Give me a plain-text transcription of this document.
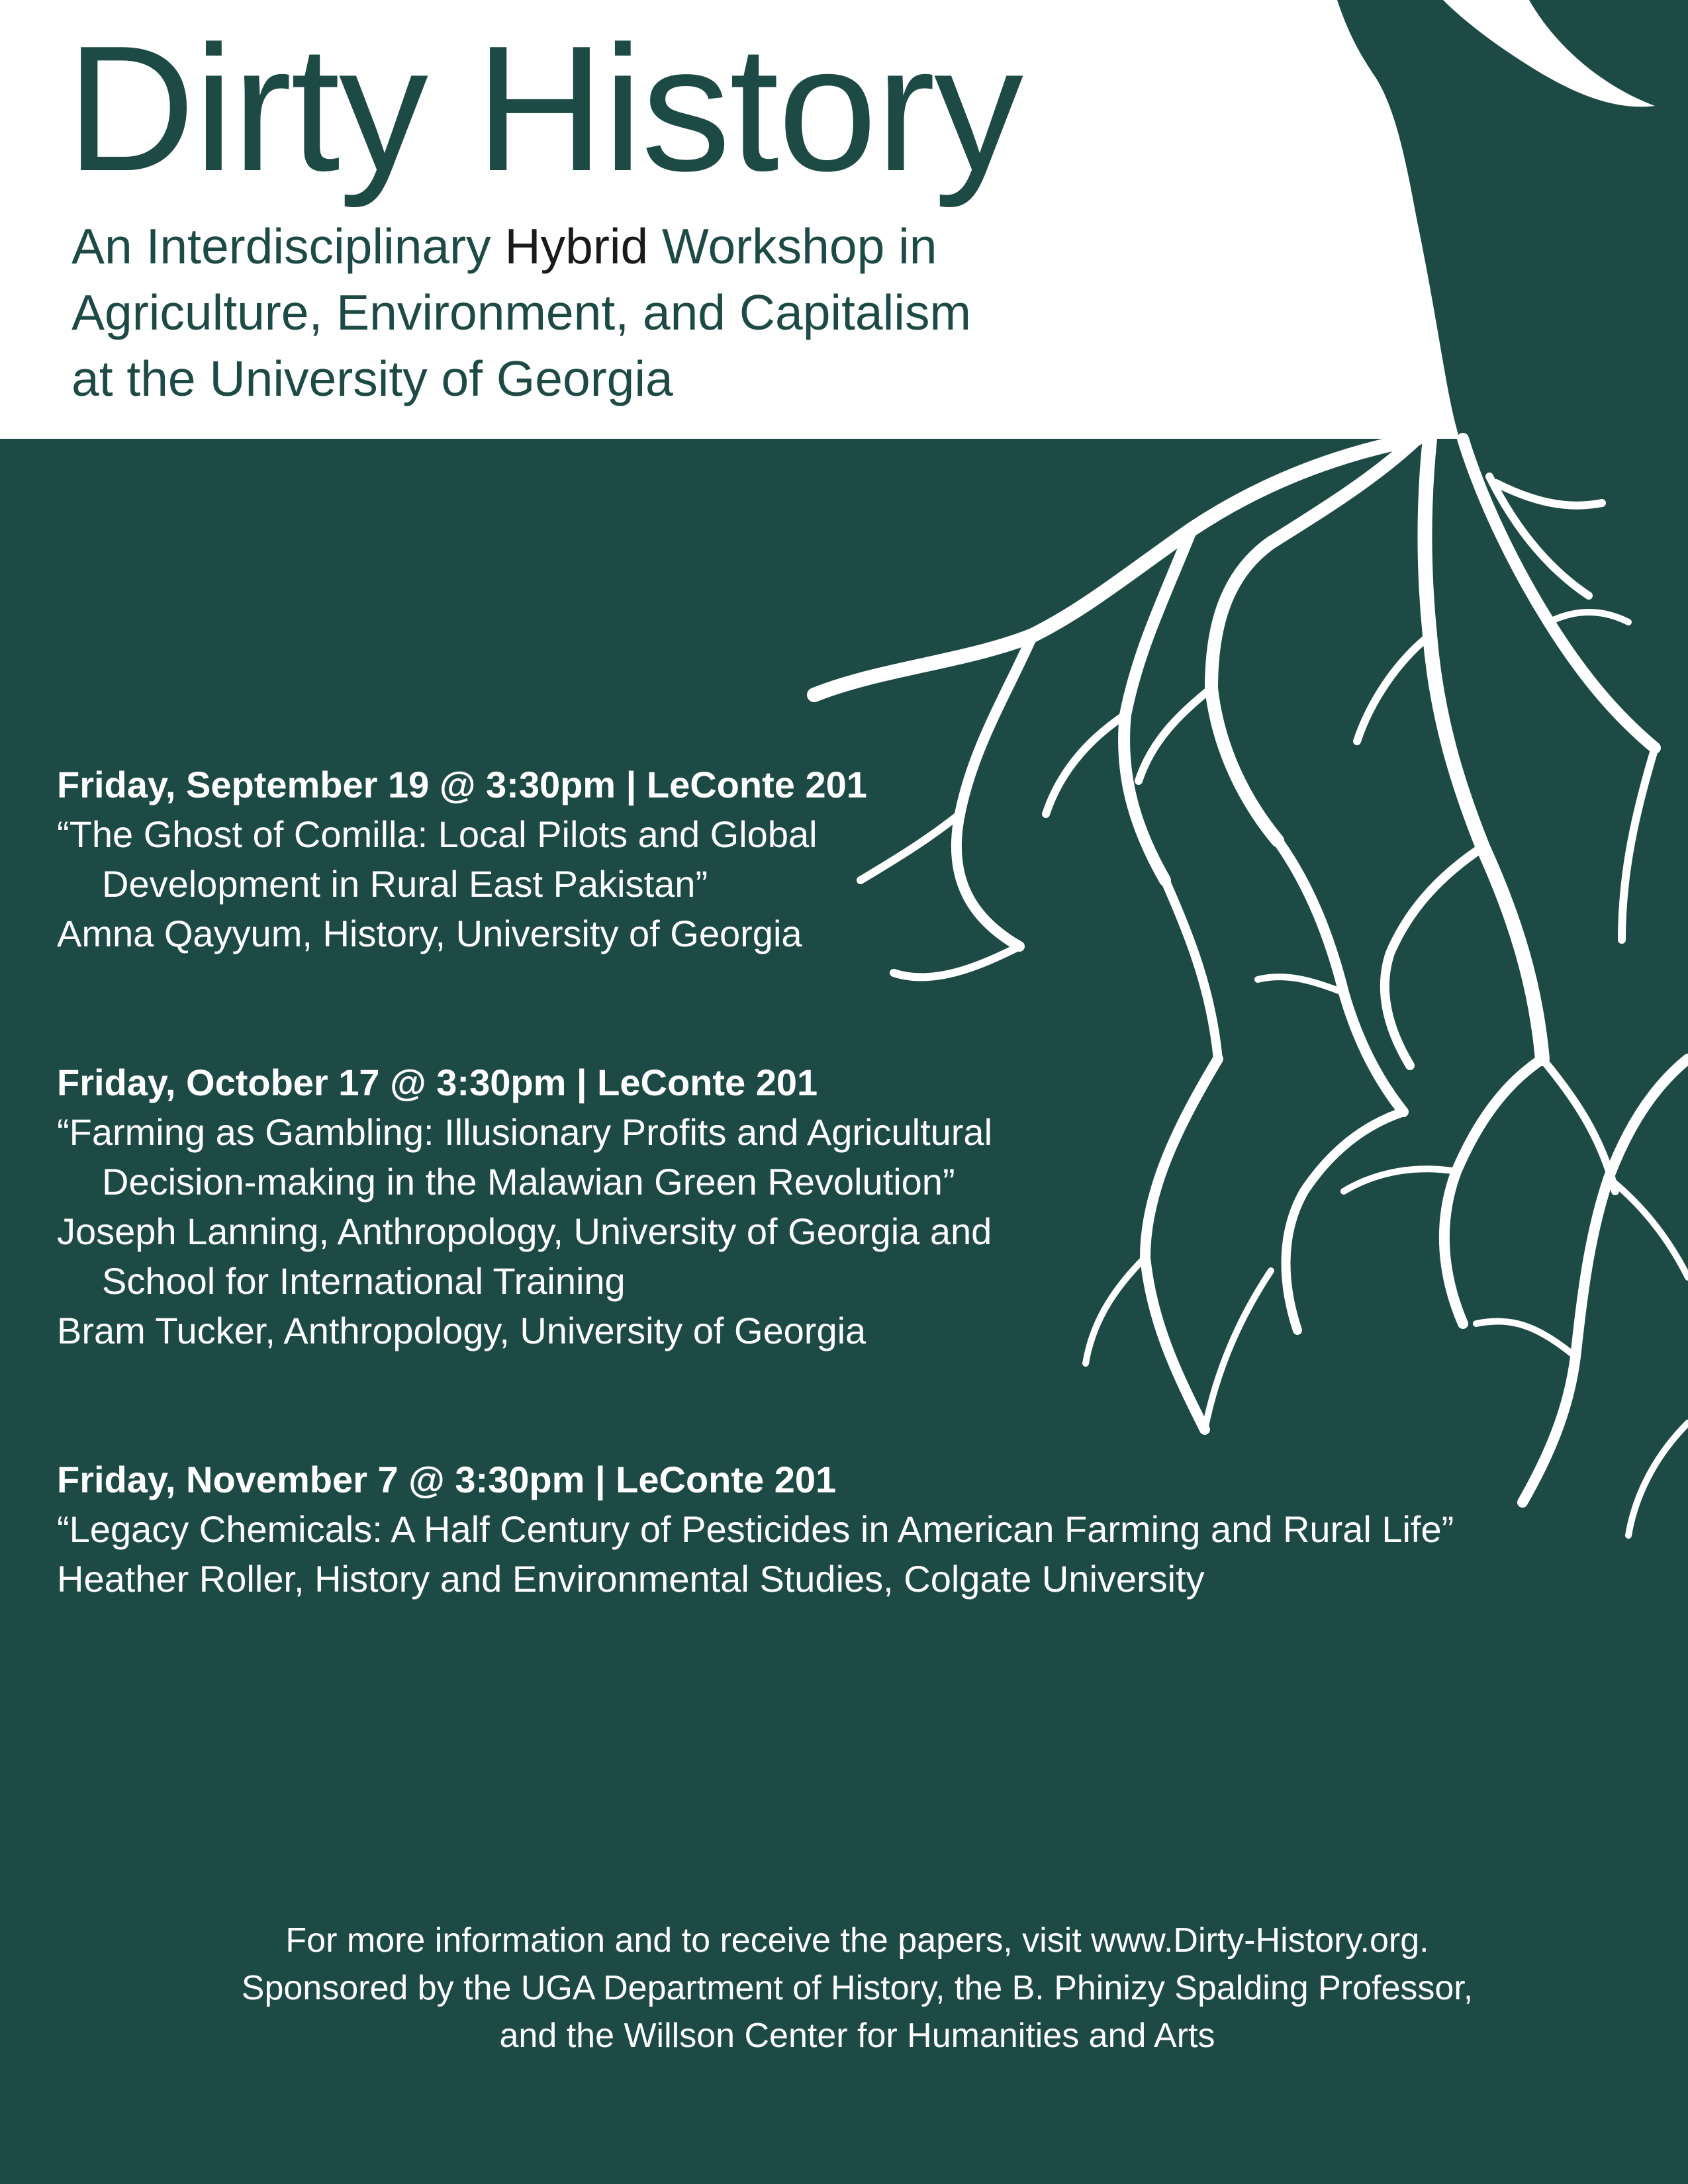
Dirty History
An Interdisciplinary Hybrid Workshop in
Agriculture, Environment, and Capitalism
at the University of Georgia
Friday, September 19 @ 3:30pm | LeConte 201
“The Ghost of Comilla: Local Pilots and Global
Development in Rural East Pakistan”
Amna Qayyum, History, University of Georgia
Friday, October 17 @ 3:30pm | LeConte 201
“Farming as Gambling: Illusionary Profits and Agricultural
Decision-making in the Malawian Green Revolution”
Joseph Lanning, Anthropology, University of Georgia and
School for International Training
Bram Tucker, Anthropology, University of Georgia
Friday, November 7 @ 3:30pm | LeConte 201
“Legacy Chemicals: A Half Century of Pesticides in American Farming and Rural Life”
Heather Roller, History and Environmental Studies, Colgate University
For more information and to receive the papers, visit www.Dirty-History.org.
Sponsored by the UGA Department of History, the B. Phinizy Spalding Professor,
and the Willson Center for Humanities and Arts
